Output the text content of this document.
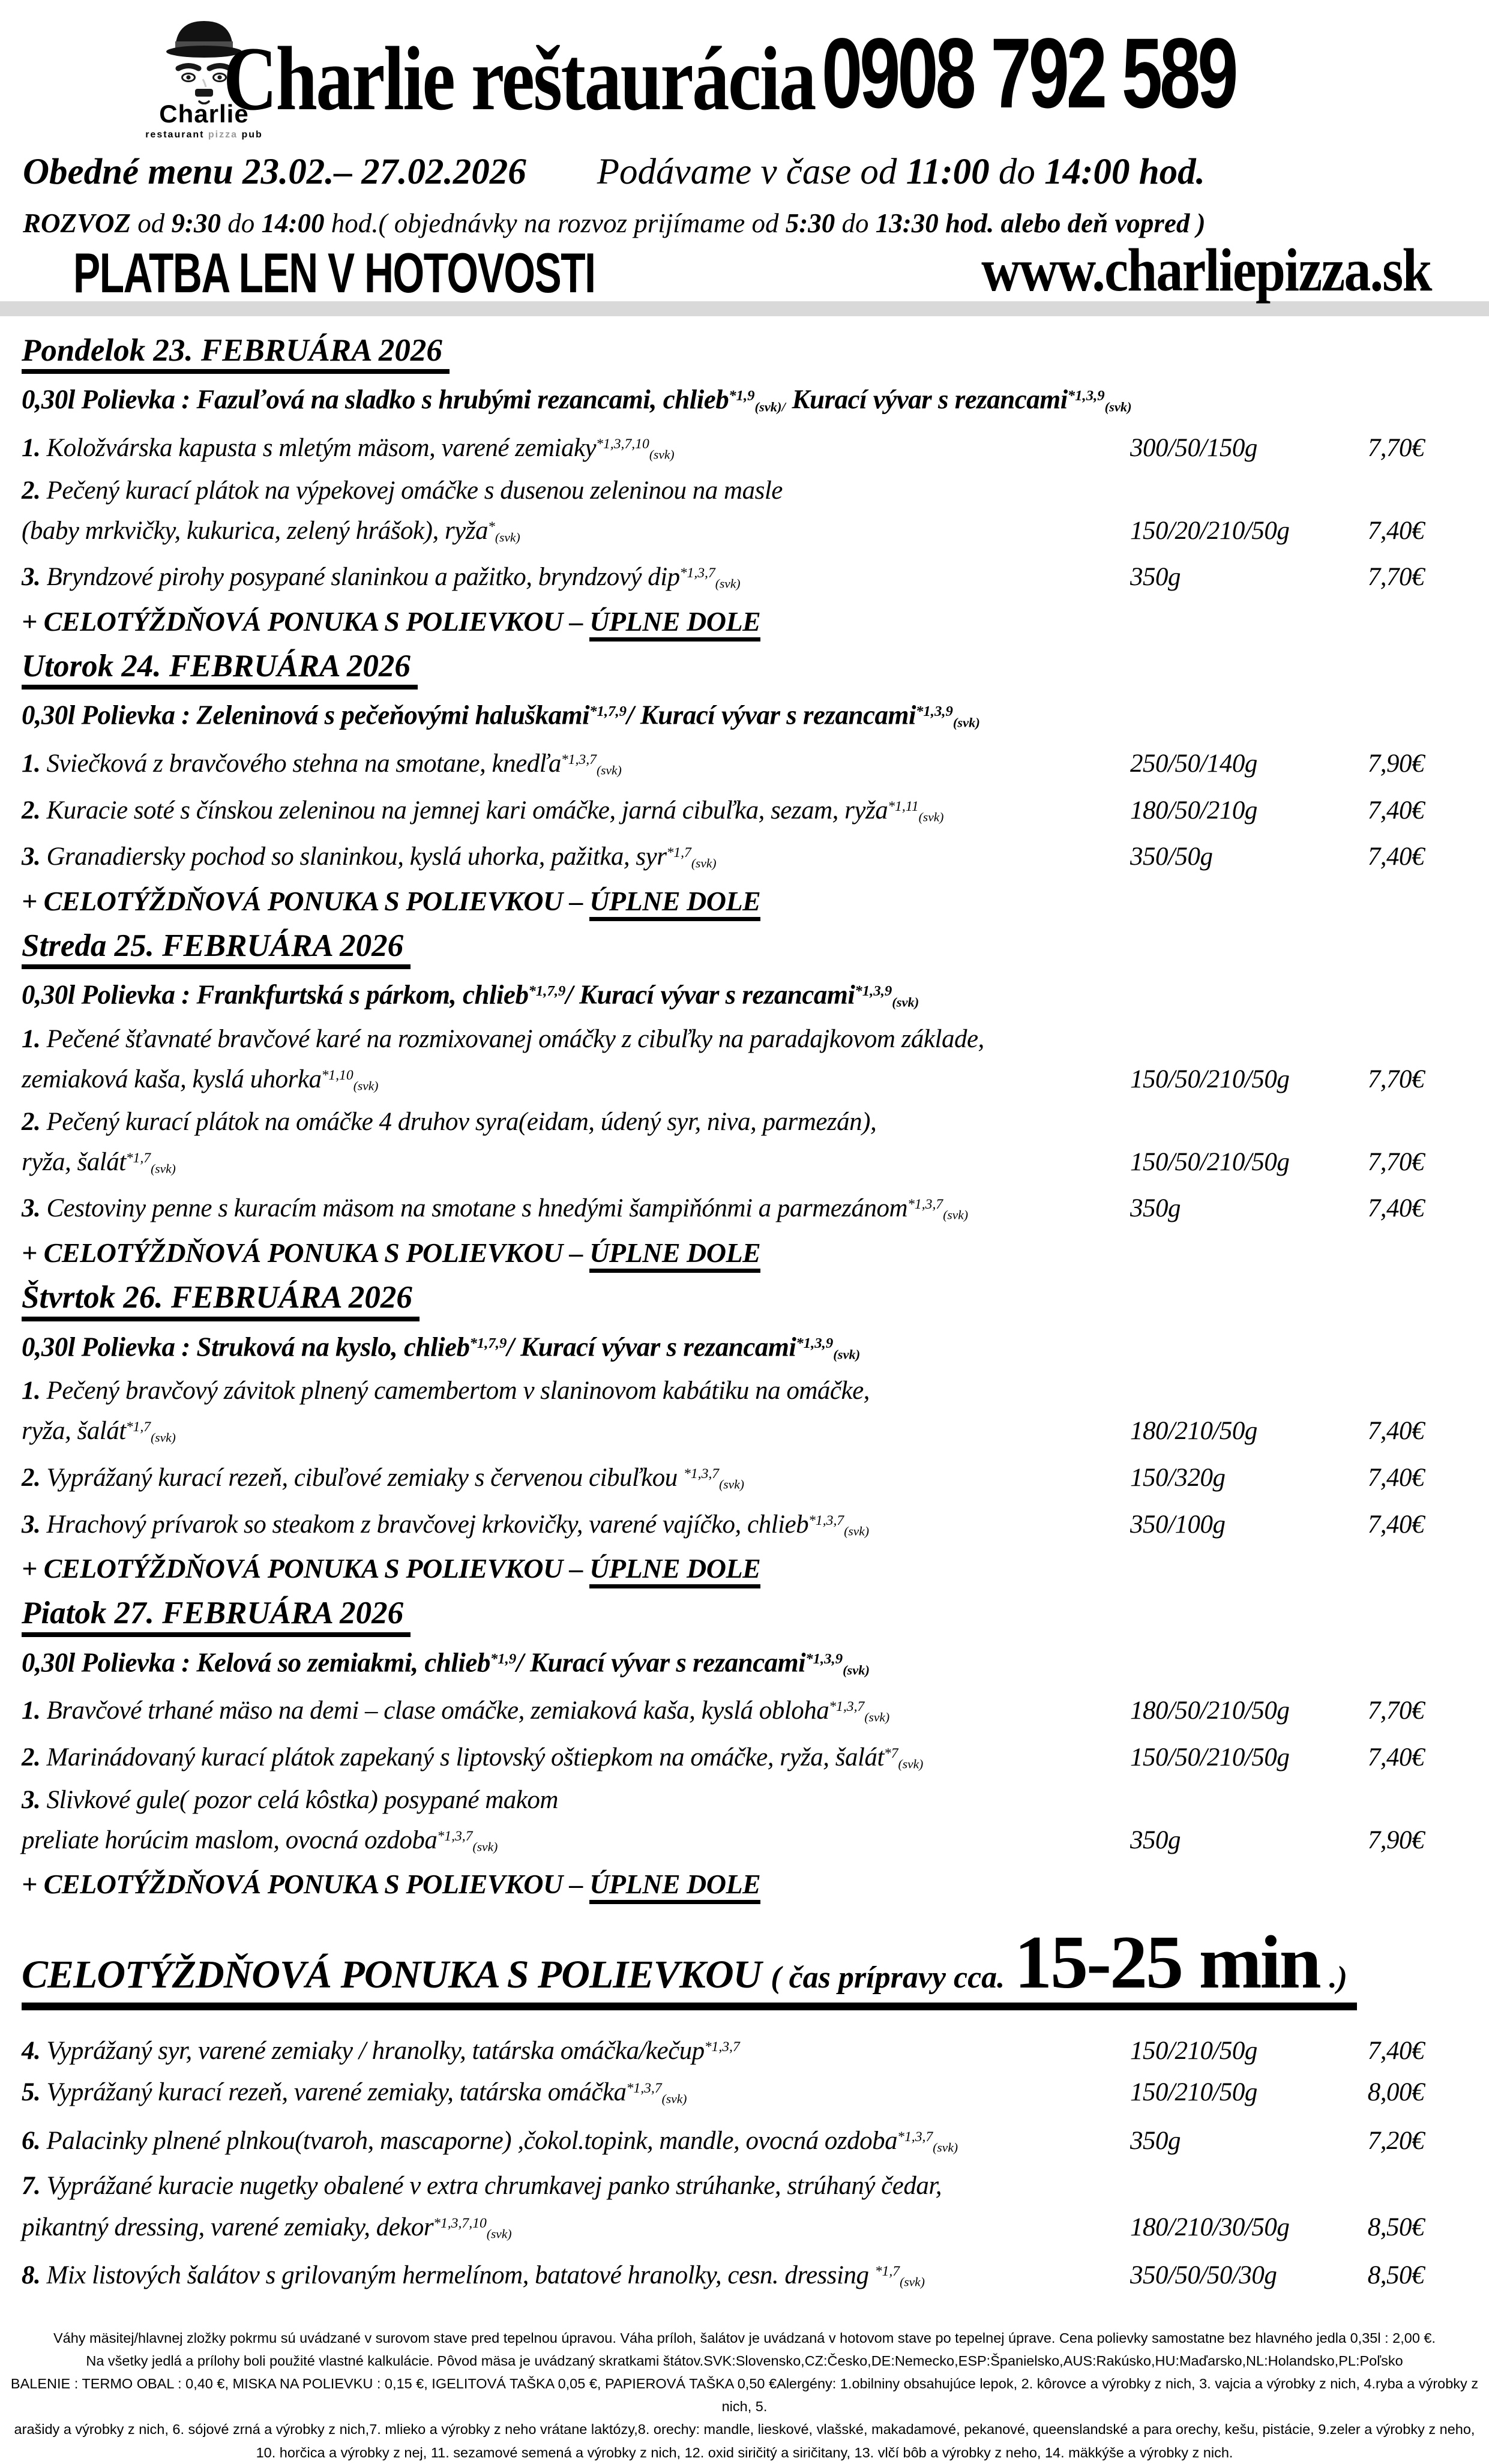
Charlie
restaurant pizza pub
Charlie reštaurácia 0908 792 589
Obedné menu 23.02.– 27.02.2026 Podávame v čase od 11:00 do 14:00 hod.
ROZVOZ od 9:30 do 14:00 hod.( objednávky na rozvoz prijímame od 5:30 do 13:30 hod. alebo deň vopred )
PLATBA LEN V HOTOVOSTI	www.charliepizza.sk
Pondelok 23. FEBRUÁRA 2026
0,30l Polievka : Fazuľová na sladko s hrubými rezancami, chlieb$^{*1,9}_{(svk)/}$ Kurací vývar s rezancami$^{*1,3,9}_{(svk)}$
1. Koložvárska kapusta s mletým mäsom, varené zemiaky$^{*1,3,7,10}_{(svk)}$	300/50/150g	7,70€
2. Pečený kurací plátok na výpekovej omáčke s dusenou zeleninou na masle
(baby mrkvičky, kukurica, zelený hrášok), ryža*$_{(svk)}$	150/20/210/50g	7,40€
3. Bryndzové pirohy posypané slaninkou a pažitko, bryndzový dip$^{*1,3,7}_{(svk)}$	350g	7,70€
+ CELOTÝŽDŇOVÁ PONUKA S POLIEVKOU – ÚPLNE DOLE
Utorok 24. FEBRUÁRA 2026
0,30l Polievka : Zeleninová s pečeňovými haluškami$^{*1,7,9}$/ Kurací vývar s rezancami$^{*1,3,9}_{(svk)}$
1. Sviečková z bravčového stehna na smotane, knedľa$^{*1,3,7}_{(svk)}$	250/50/140g	7,90€
2. Kuracie soté s čínskou zeleninou na jemnej kari omáčke, jarná cibuľka, sezam, ryža$^{*1,11}_{(svk)}$	180/50/210g	7,40€
3. Granadiersky pochod so slaninkou, kyslá uhorka, pažitka, syr$^{*1,7}_{(svk)}$	350/50g	7,40€
+ CELOTÝŽDŇOVÁ PONUKA S POLIEVKOU – ÚPLNE DOLE
Streda 25. FEBRUÁRA 2026
0,30l Polievka : Frankfurtská s párkom, chlieb$^{*1,7,9}$/ Kurací vývar s rezancami$^{*1,3,9}_{(svk)}$
1. Pečené šťavnaté bravčové karé na rozmixovanej omáčky z cibuľky na paradajkovom základe,
zemiaková kaša, kyslá uhorka$^{*1,10}_{(svk)}$	150/50/210/50g	7,70€
2. Pečený kurací plátok na omáčke 4 druhov syra(eidam, údený syr, niva, parmezán),
ryža, šalát$^{*1,7}_{(svk)}$	150/50/210/50g	7,70€
3. Cestoviny penne s kuracím mäsom na smotane s hnedými šampiňónmi a parmezánom$^{*1,3,7}_{(svk)}$	350g	7,40€
+ CELOTÝŽDŇOVÁ PONUKA S POLIEVKOU – ÚPLNE DOLE
Štvrtok 26. FEBRUÁRA 2026
0,30l Polievka : Struková na kyslo, chlieb$^{*1,7,9}$/ Kurací vývar s rezancami$^{*1,3,9}_{(svk)}$
1. Pečený bravčový závitok plnený camembertom v slaninovom kabátiku na omáčke,
ryža, šalát$^{*1,7}_{(svk)}$	180/210/50g	7,40€
2. Vyprážaný kurací rezeň, cibuľové zemiaky s červenou cibuľkou $^{*1,3,7}_{(svk)}$	150/320g	7,40€
3. Hrachový prívarok so steakom z bravčovej krkovičky, varené vajíčko, chlieb$^{*1,3,7}_{(svk)}$	350/100g	7,40€
+ CELOTÝŽDŇOVÁ PONUKA S POLIEVKOU – ÚPLNE DOLE
Piatok 27. FEBRUÁRA 2026
0,30l Polievka : Kelová so zemiakmi, chlieb$^{*1,9}$/ Kurací vývar s rezancami$^{*1,3,9}_{(svk)}$
1. Bravčové trhané mäso na demi – clase omáčke, zemiaková kaša, kyslá obloha$^{*1,3,7}_{(svk)}$	180/50/210/50g	7,70€
2. Marinádovaný kurací plátok zapekaný s liptovský oštiepkom na omáčke, ryža, šalát$^{*7}_{(svk)}$	150/50/210/50g	7,40€
3. Slivkové gule( pozor celá kôstka) posypané makom
preliate horúcim maslom, ovocná ozdoba$^{*1,3,7}_{(svk)}$	350g	7,90€
+ CELOTÝŽDŇOVÁ PONUKA S POLIEVKOU – ÚPLNE DOLE
CELOTÝŽDŇOVÁ PONUKA S POLIEVKOU ( čas prípravy cca. 15-25 min .)
4. Vyprážaný syr, varené zemiaky / hranolky, tatárska omáčka/kečup$^{*1,3,7}$	150/210/50g	7,40€
5. Vyprážaný kurací rezeň, varené zemiaky, tatárska omáčka$^{*1,3,7}_{(svk)}$	150/210/50g	8,00€
6. Palacinky plnené plnkou(tvaroh, mascaporne) ,čokol.topink, mandle, ovocná ozdoba$^{*1,3,7}_{(svk)}$	350g	7,20€
7. Vyprážané kuracie nugetky obalené v extra chrumkavej panko strúhanke, strúhaný čedar,
pikantný dressing, varené zemiaky, dekor$^{*1,3,7,10}_{(svk)}$	180/210/30/50g	8,50€
8. Mix listových šalátov s grilovaným hermelínom, batatové hranolky, cesn. dressing $^{*1,7}_{(svk)}$	350/50/50/30g	8,50€
Váhy mäsitej/hlavnej zložky pokrmu sú uvádzané v surovom stave pred tepelnou úpravou. Váha príloh, šalátov je uvádzaná v hotovom stave po tepelnej úprave. Cena polievky samostatne bez hlavného jedla 0,35l : 2,00 €.
Na všetky jedlá a prílohy boli použité vlastné kalkulácie. Pôvod mäsa je uvádzaný skratkami štátov.SVK:Slovensko,CZ:Česko,DE:Nemecko,ESP:Španielsko,AUS:Rakúsko,HU:Maďarsko,NL:Holandsko,PL:Poľsko
BALENIE : TERMO OBAL : 0,40 €, MISKA NA POLIEVKU : 0,15 €, IGELITOVÁ TAŠKA 0,05 €, PAPIEROVÁ TAŠKA 0,50 €Alergény: 1.obilniny obsahujúce lepok, 2. kôrovce a výrobky z nich, 3. vajcia a výrobky z nich, 4.ryba a výrobky z nich, 5.
arašidy a výrobky z nich, 6. sójové zrná a výrobky z nich,7. mlieko a výrobky z neho vrátane laktózy,8. orechy: mandle, lieskové, vlašské, makadamové, pekanové, queenslandské a para orechy, kešu, pistácie, 9.zeler a výrobky z neho,
10. horčica a výrobky z nej, 11. sezamové semená a výrobky z nich, 12. oxid siričitý a siričitany, 13. vlčí bôb a výrobky z neho, 14. mäkkýše a výrobky z nich.
